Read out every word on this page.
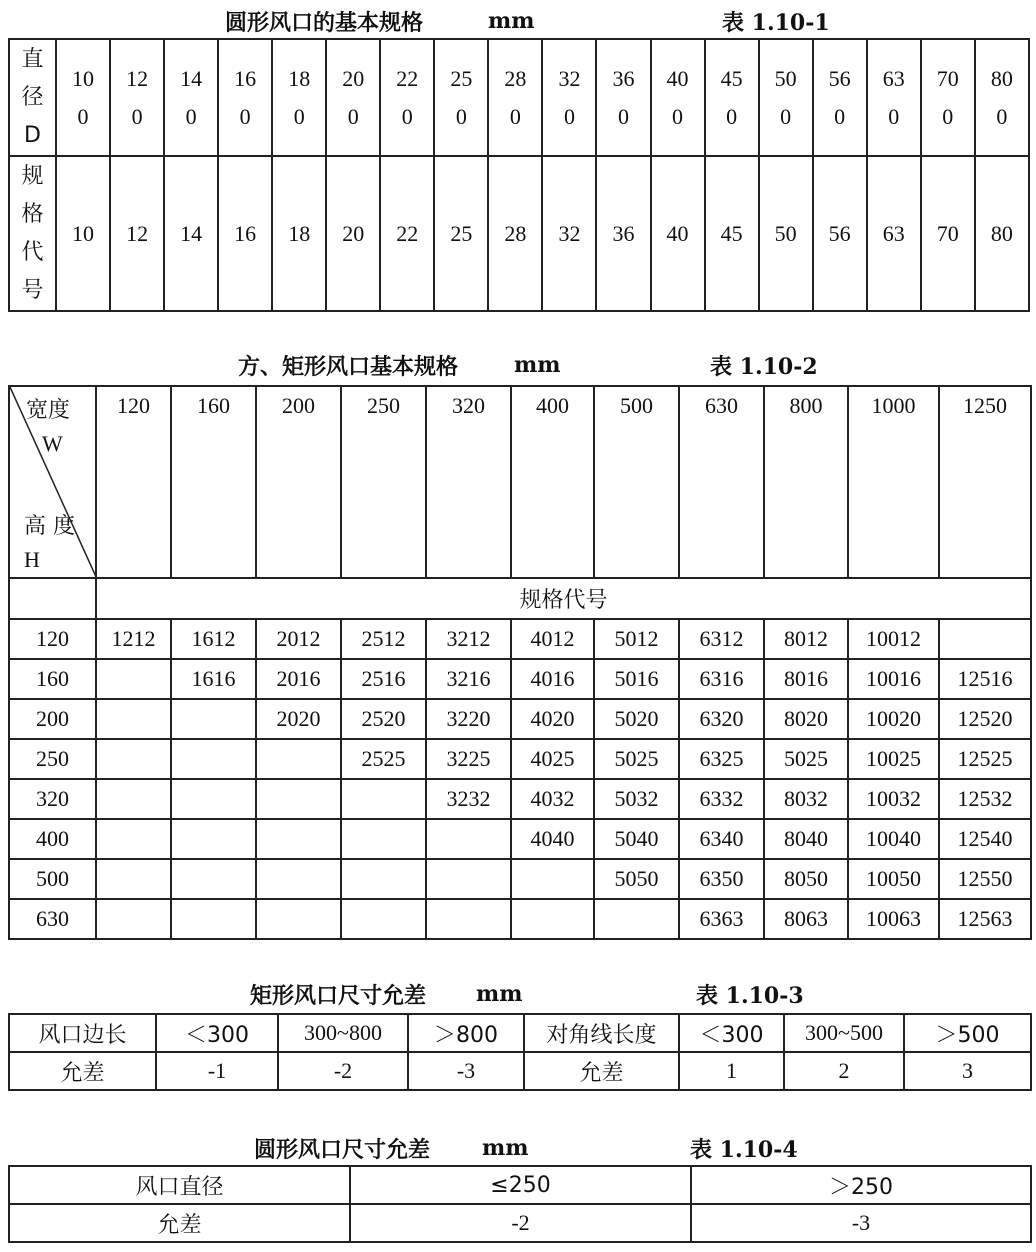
圆形风口的基本规格	mm	表 1.10-1
直径D	100	120	140	160	180	200	220	250	280	320	360	400	450	500	560	630	700	800
规格代号	10	12	14	16	18	20	22	25	28	32	36	40	45	50	56	63	70	80
方、矩形风口基本规格	mm	表 1.10-2
宽度
W
高 度
H	120	160	200	250	320	400	500	630	800	1000	1250
	规格代号										
120	1212	1612	2012	2512	3212	4012	5012	6312	8012	10012	
160		1616	2016	2516	3216	4016	5016	6316	8016	10016	12516
200			2020	2520	3220	4020	5020	6320	8020	10020	12520
250				2525	3225	4025	5025	6325	5025	10025	12525
320					3232	4032	5032	6332	8032	10032	12532
400						4040	5040	6340	8040	10040	12540
500							5050	6350	8050	10050	12550
630								6363	8063	10063	12563
矩形风口尺寸允差 mm	表 1.10-3
风口边长	＜300	300~800	＞800	对角线长度	＜300	300~500	＞500
允差	-1	-2	-3	允差	1	2	3
圆形风口尺寸允差 mm	表 1.10-4
风口直径	≤250	＞250
允差	-2	-3
